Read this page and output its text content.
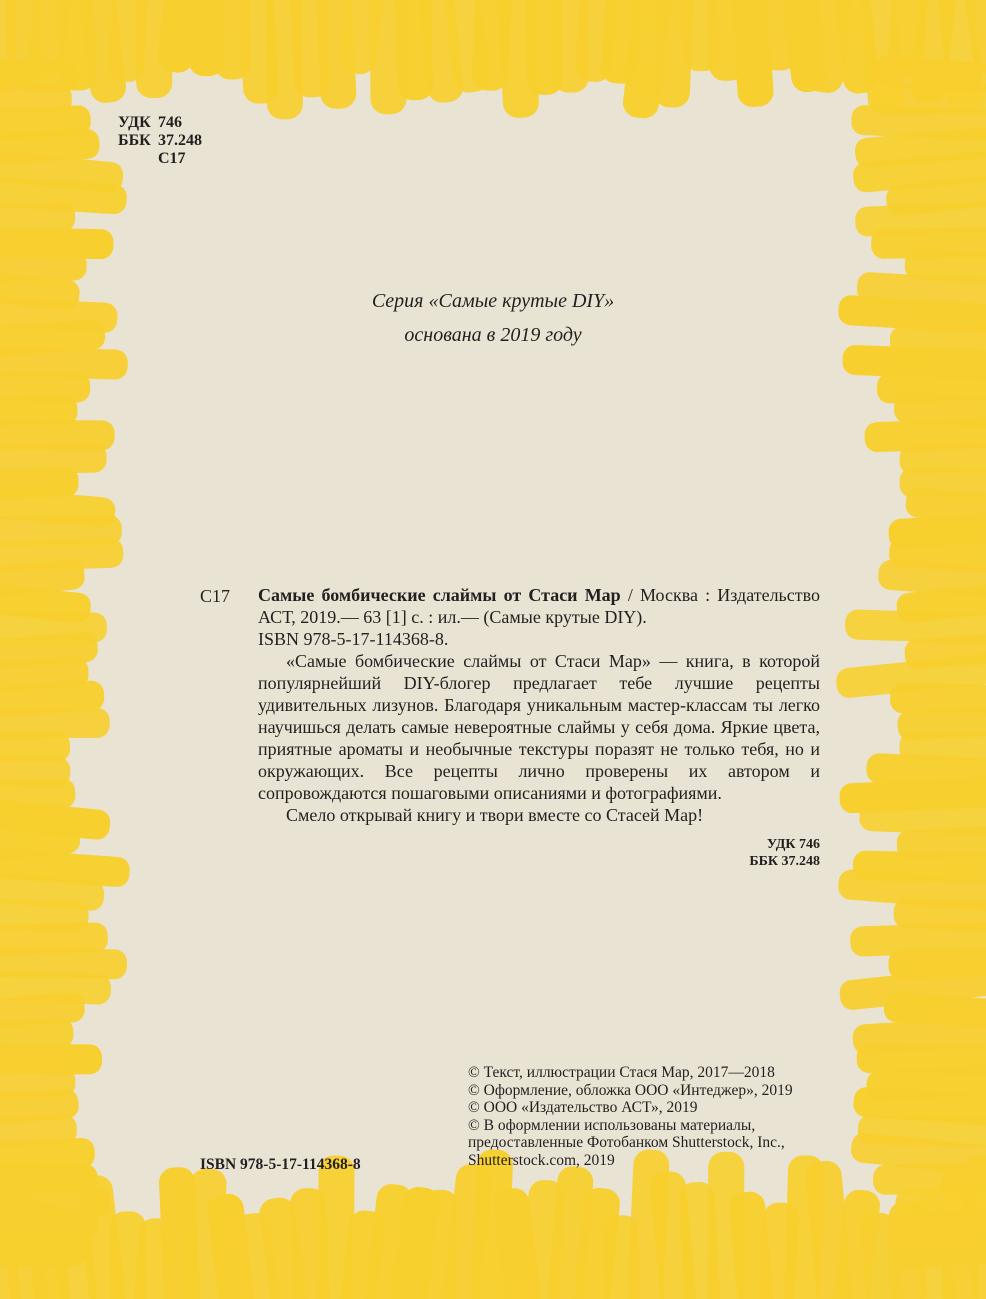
УДК 746
ББК 37.248
С17
Серия «Самые крутые DIY»
основана в 2019 году
С17 Самые бомбические слаймы от Стаси Мар / Москва : Издательство АСТ, 2019.— 63 [1] с. : ил.— (Самые крутые DIY).

ISBN 978-5-17-114368-8.

«Самые бомбические слаймы от Стаси Мар» — книга, в которой популярнейший DIY-блогер предлагает тебе лучшие рецепты удивительных лизунов. Благодаря уникальным мастер-классам ты легко научишься делать самые невероятные слаймы у себя дома. Яркие цвета, приятные ароматы и необычные текстуры поразят не только тебя, но и окружающих. Все рецепты лично проверены их автором и сопровождаются пошаговыми описаниями и фотографиями.

Смело открывай книгу и твори вместе со Стасей Мар!

УДК 746
ББК 37.248
© Текст, иллюстрации Стася Мар, 2017—2018
© Оформление, обложка ООО «Интеджер», 2019
© ООО «Издательство АСТ», 2019
© В оформлении использованы материалы,
предоставленные Фотобанком Shutterstock, Inc.,
Shutterstock.com, 2019
ISBN 978-5-17-114368-8
